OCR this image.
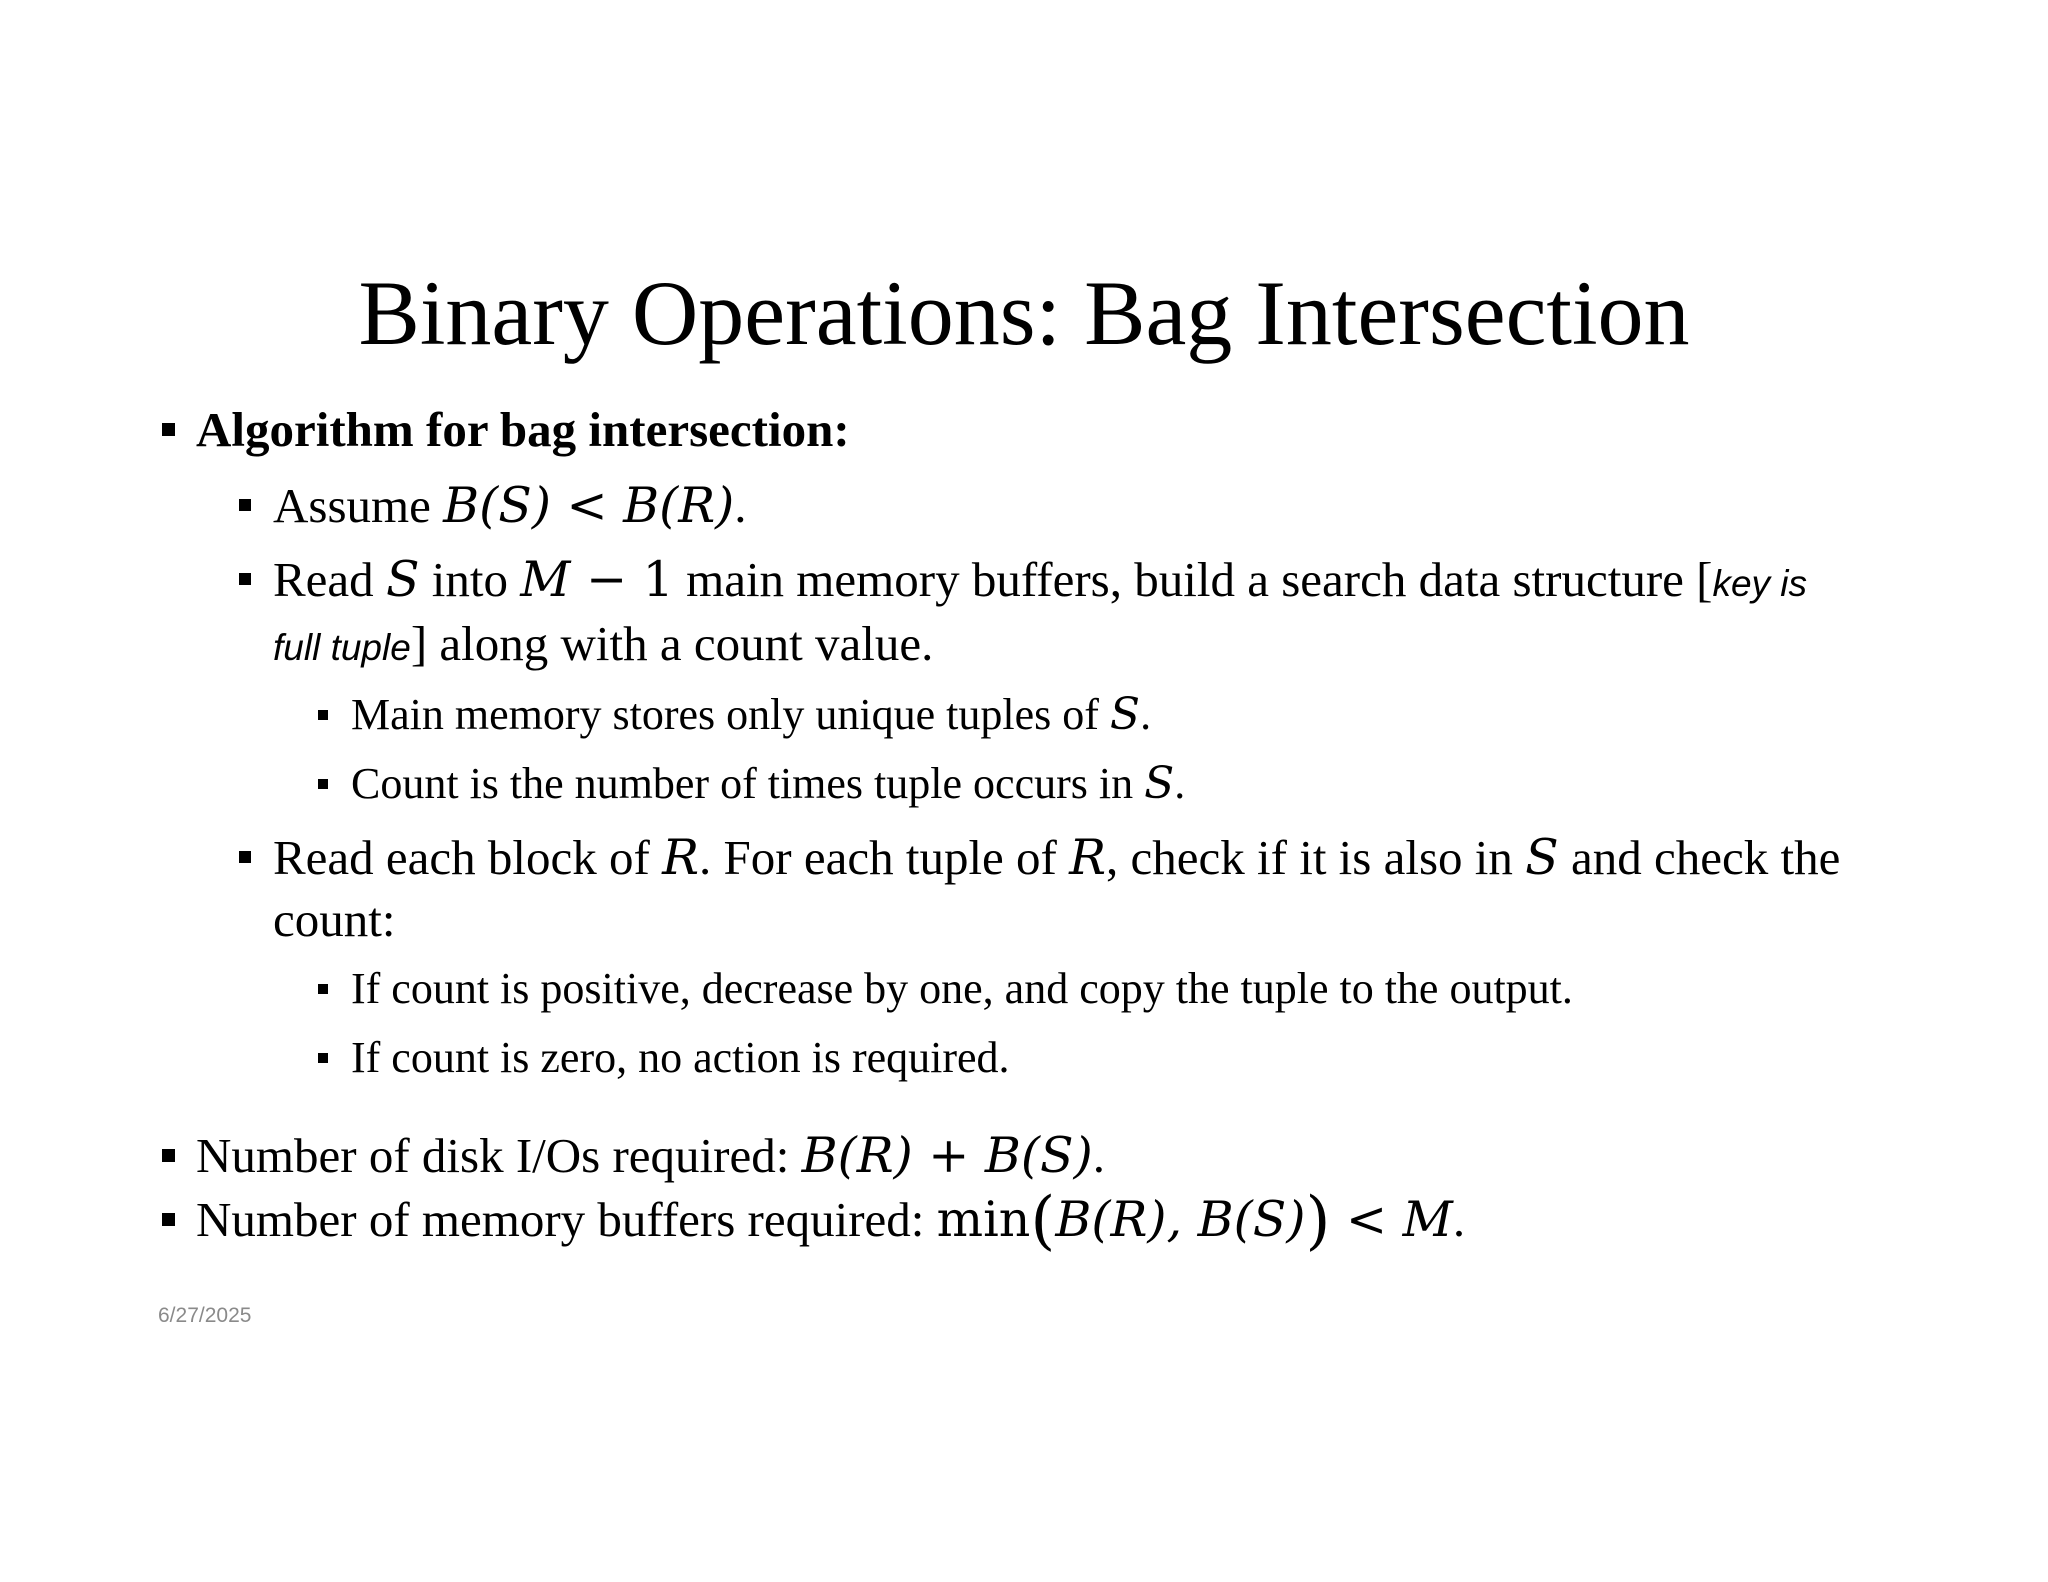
Binary Operations: Bag Intersection
Algorithm for bag intersection:
Assume B(S) < B(R).
Read S into M − 1 main memory buffers, build a search data structure [key is
full tuple] along with a count value.
Main memory stores only unique tuples of S.
Count is the number of times tuple occurs in S.
Read each block of R. For each tuple of R, check if it is also in S and check the
count:
If count is positive, decrease by one, and copy the tuple to the output.
If count is zero, no action is required.
Number of disk I/Os required: B(R) + B(S).
Number of memory buffers required: min(B(R), B(S)) < M.
6/27/2025
